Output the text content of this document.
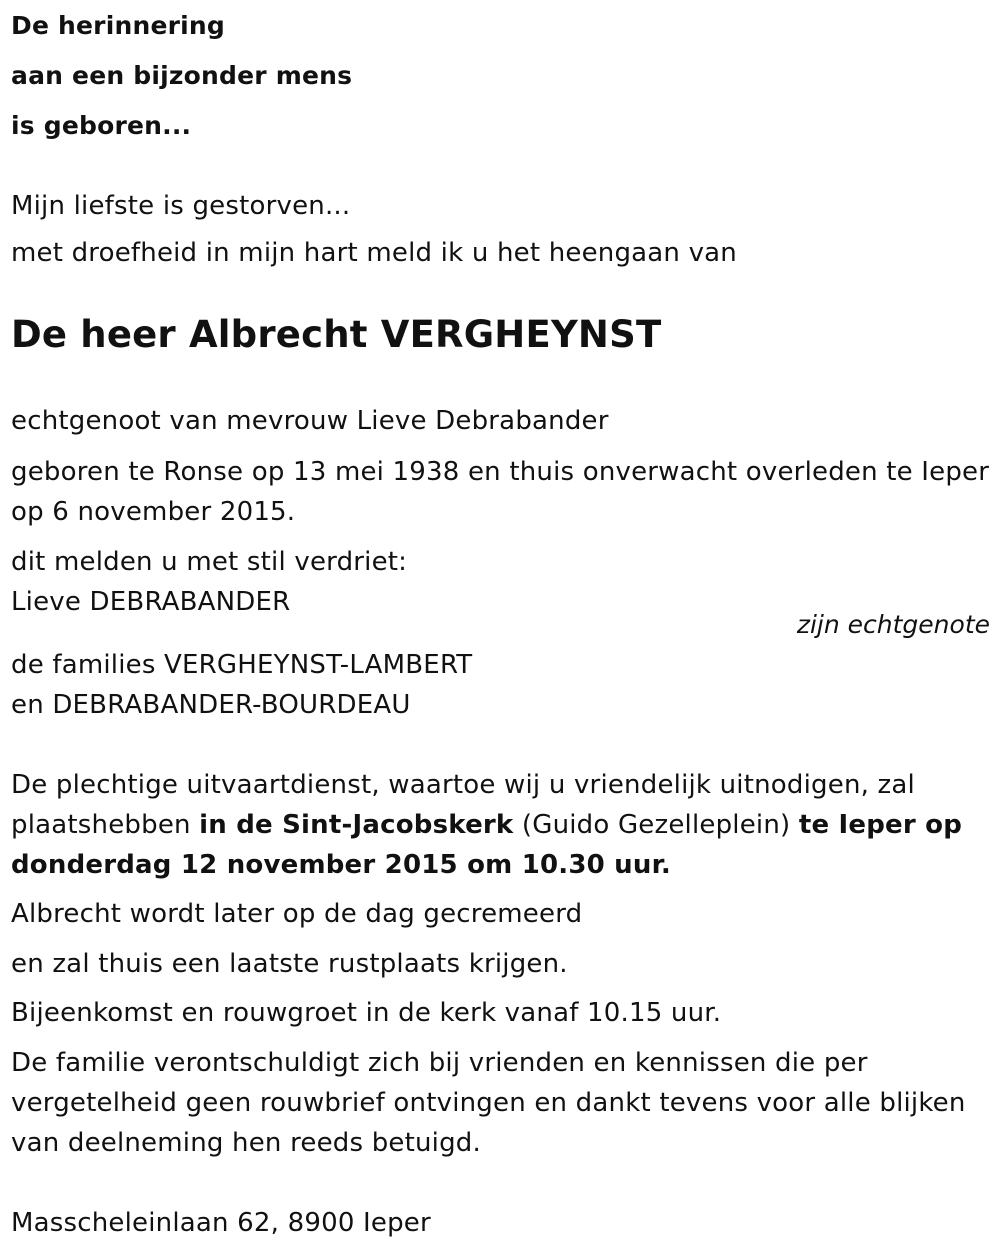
De herinnering
aan een bijzonder mens
is geboren...
Mijn liefste is gestorven...
met droefheid in mijn hart meld ik u het heengaan van
De heer Albrecht VERGHEYNST
echtgenoot van mevrouw Lieve Debrabander
geboren te Ronse op 13 mei 1938 en thuis onverwacht overleden te Ieper
op 6 november 2015.
dit melden u met stil verdriet:
Lieve DEBRABANDER
zijn echtgenote
de families VERGHEYNST-LAMBERT
en DEBRABANDER-BOURDEAU
De plechtige uitvaartdienst, waartoe wij u vriendelijk uitnodigen, zal
plaatshebben in de Sint-Jacobskerk (Guido Gezelleplein) te Ieper op
donderdag 12 november 2015 om 10.30 uur.
Albrecht wordt later op de dag gecremeerd
en zal thuis een laatste rustplaats krijgen.
Bijeenkomst en rouwgroet in de kerk vanaf 10.15 uur.
De familie verontschuldigt zich bij vrienden en kennissen die per
vergetelheid geen rouwbrief ontvingen en dankt tevens voor alle blijken
van deelneming hen reeds betuigd.
Masscheleinlaan 62, 8900 Ieper
